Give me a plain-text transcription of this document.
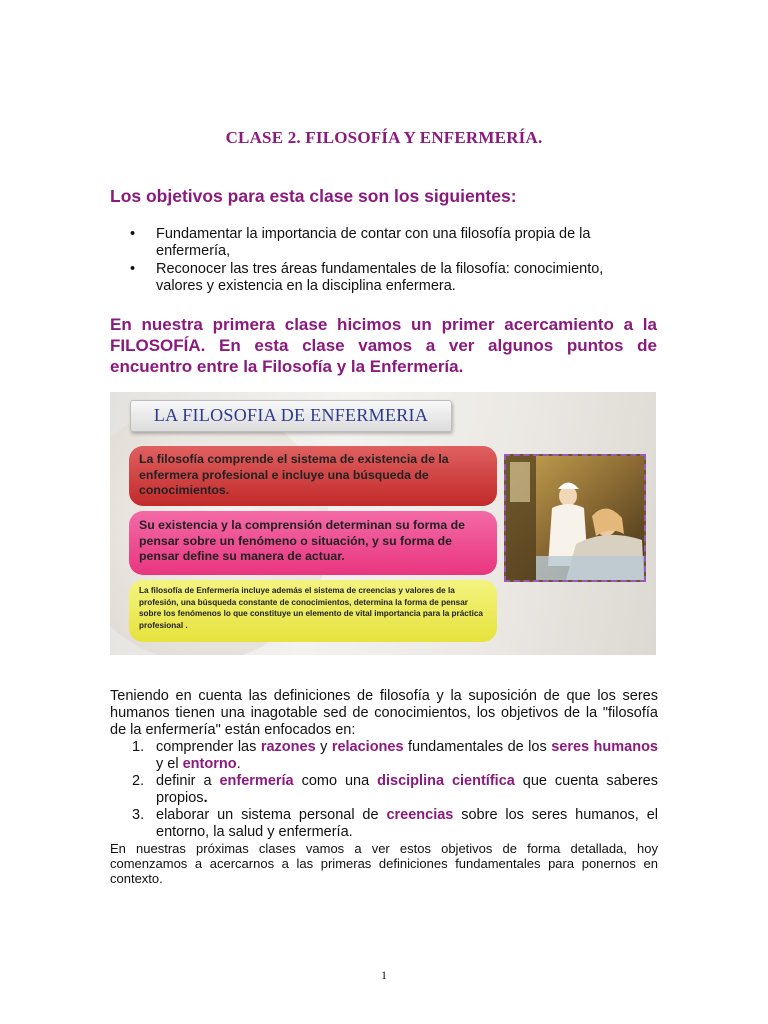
CLASE 2. FILOSOFÍA Y ENFERMERÍA.
Los objetivos para esta clase son los siguientes:
• Fundamentar la importancia de contar con una filosofía propia de la enfermería,
• Reconocer las tres áreas fundamentales de la filosofía: conocimiento, valores y existencia en la disciplina enfermera.
En nuestra primera clase hicimos un primer acercamiento a la FILOSOFÍA. En esta clase vamos a ver algunos puntos de encuentro entre la Filosofía y la Enfermería.
LA FILOSOFIA DE ENFERMERIA
La filosofía comprende el sistema de existencia de la enfermera profesional e incluye una búsqueda de conocimientos.
Su existencia y la comprensión determinan su forma de pensar sobre un fenómeno o situación, y su forma de pensar define su manera de actuar.
La filosofía de Enfermería incluye además el sistema de creencias y valores de la profesión, una búsqueda constante de conocimientos, determina la forma de pensar sobre los fenómenos lo que constituye un elemento de vital importancia para la práctica profesional .
Teniendo en cuenta las definiciones de filosofía y la suposición de que los seres humanos tienen una inagotable sed de conocimientos, los objetivos de la "filosofía de la enfermería" están enfocados en:
1. comprender las razones y relaciones fundamentales de los seres humanos y el entorno.
2. definir a enfermería como una disciplina científica que cuenta saberes propios.
3. elaborar un sistema personal de creencias sobre los seres humanos, el entorno, la salud y enfermería.
En nuestras próximas clases vamos a ver estos objetivos de forma detallada, hoy comenzamos a acercarnos a las primeras definiciones fundamentales para ponernos en contexto.
1
